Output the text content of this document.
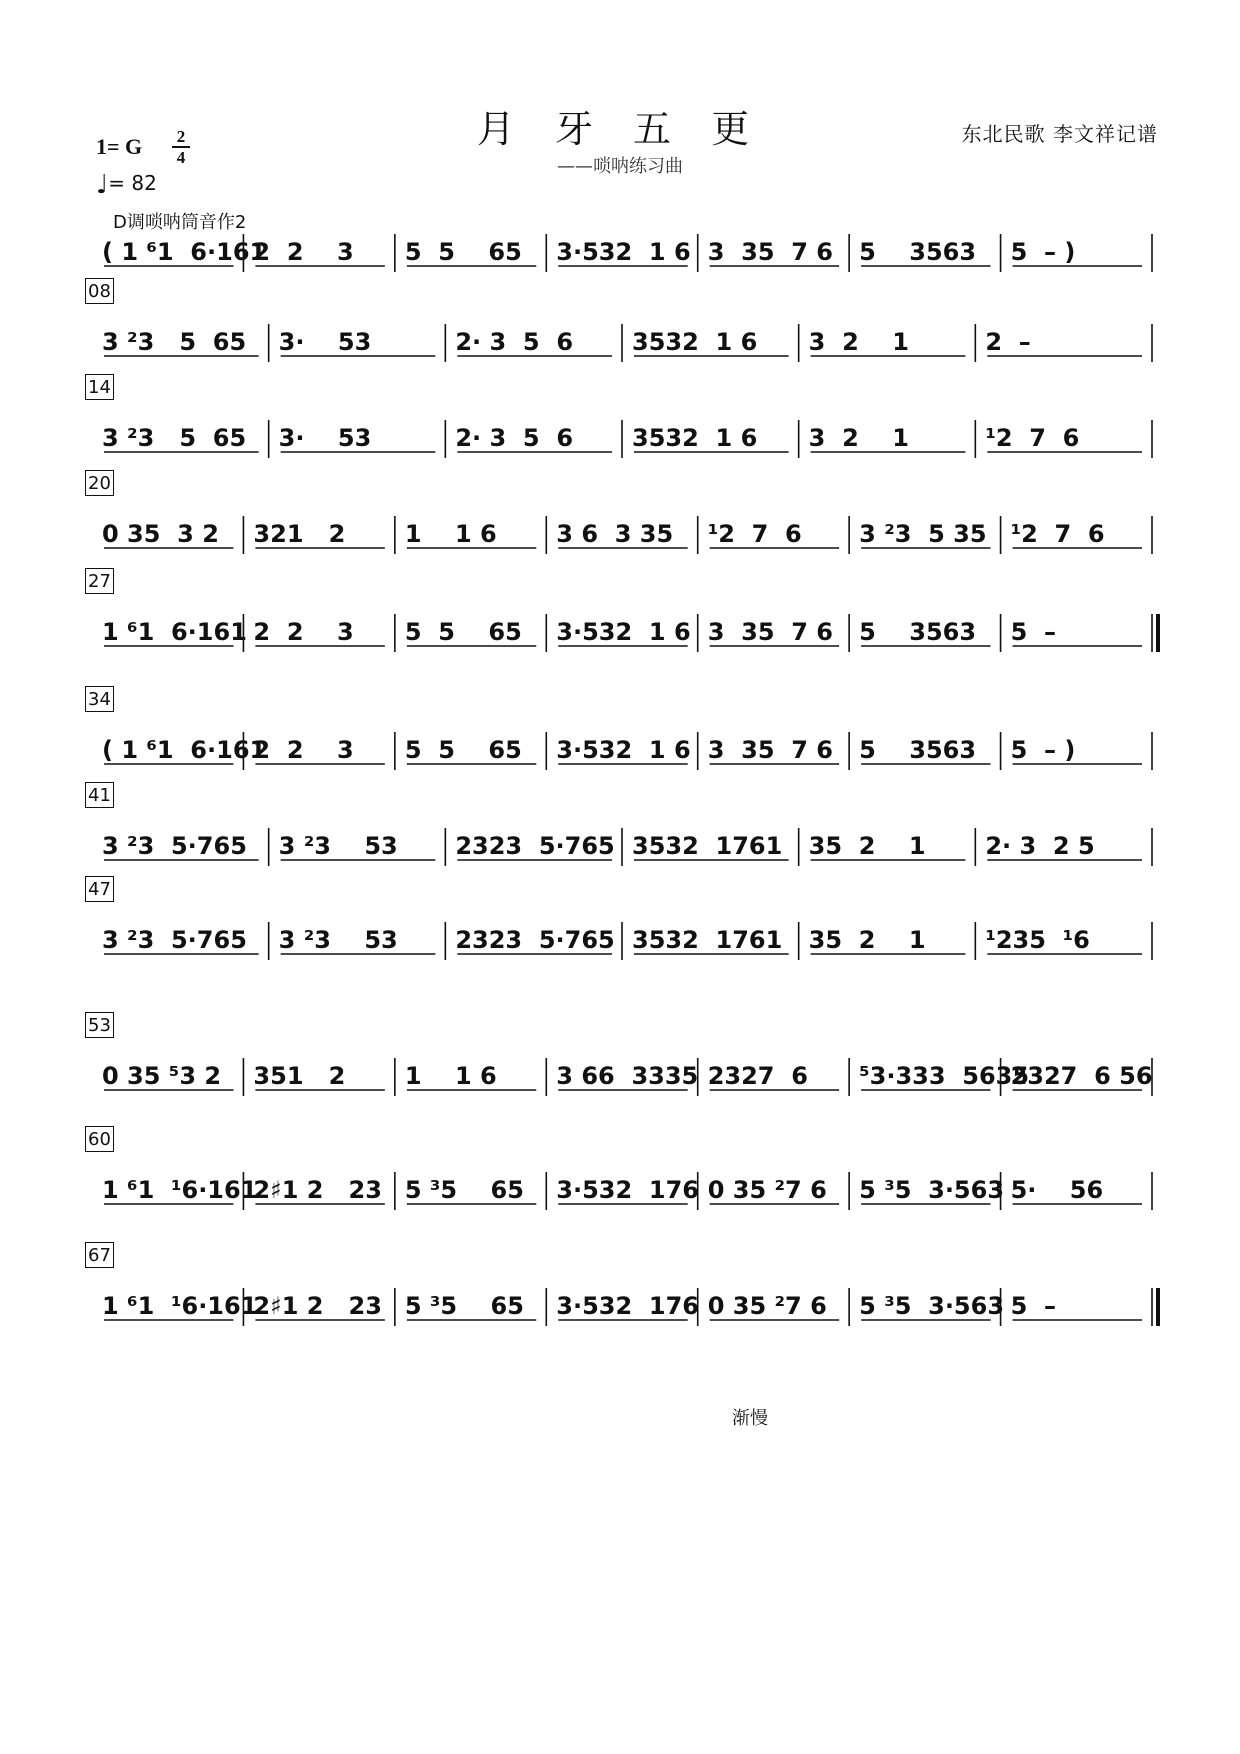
月 牙 五 更
——唢呐练习曲
东北民歌 李文祥记谱
1= G	2
4
♩= 82
D调唢呐筒音作2
渐慢
( 1 ⁶1  6·161
2  2    3 5  5    65 3·532  1 6 3  35  7 6 5    3563 5  – )
08
3 ²3   5  65 3·    53	2· 3  5  6 3532  1 6 3  2    1	2  –
14
3 ²3   5  65 3·    53	2· 3  5  6 3532  1 6 3  2    1	¹2  7  6
20
0 35  3 2 321   2 1    1 6 3 6  3 35 ¹2  7  6 3 ²3  5 35 ¹2  7  6
27
1 ⁶1  6·161 2  2    3 5  5    65 3·532  1 6 3  35  7 6 5    3563 5  –
34
( 1 ⁶1  6·161
2  2    3 5  5    65 3·532  1 6 3  35  7 6 5    3563 5  – )
41
3 ²3  5·765 3 ²3    53 2323  5·765 3532  1761 35  2    1 2· 3  2 5
47
3 ²3  5·765 3 ²3    53 2323  5·765 3532  1761 35  2    1 ¹235  ¹6
53
0 35 ⁵3 2 351   2 1    1 6 3 66  3335 2327  6 ⁵3·333  5635
2327  6 56
60
1 ⁶1  ¹6·161
2♯1 2   23 5 ³5    65 3·532  176 0 35 ²7 6 5 ³5  3·563 5·    56
67
1 ⁶1  ¹6·161
2♯1 2   23 5 ³5    65 3·532  176 0 35 ²7 6 5 ³5  3·563 5  –
